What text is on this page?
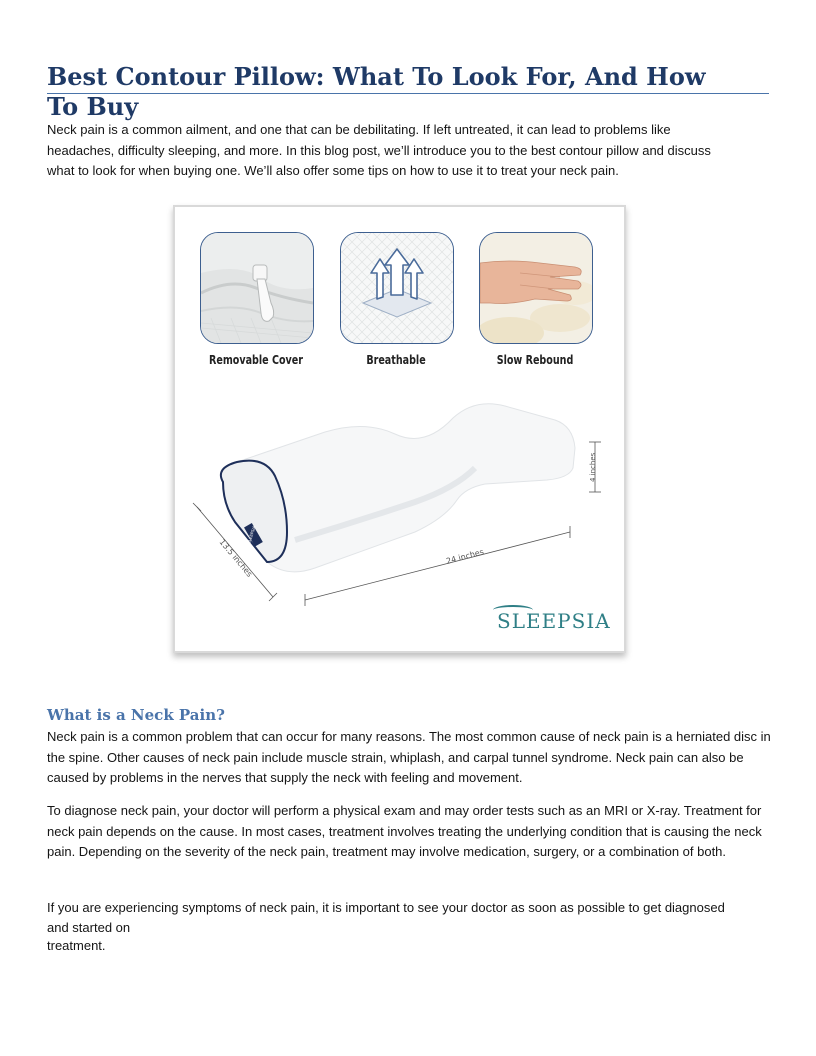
Best Contour Pillow: What To Look For, And How To Buy

Neck pain is a common ailment, and one that can be debilitating. If left untreated, it can lead to problems like headaches, difficulty sleeping, and more. In this blog post, we’ll introduce you to the best contour pillow and discuss what to look for when buying one. We’ll also offer some tips on how to use it to treat your neck pain.

Removable Cover	Breathable	Slow Rebound
13.5 inches	24 inches
4 inches
SLEEPSIA
SLEEPSIA
What is a Neck Pain?

Neck pain is a common problem that can occur for many reasons. The most common cause of neck pain is a herniated disc in the spine. Other causes of neck pain include muscle strain, whiplash, and carpal tunnel syndrome. Neck pain can also be caused by problems in the nerves that supply the neck with feeling and movement.

To diagnose neck pain, your doctor will perform a physical exam and may order tests such as an MRI or X-ray. Treatment for neck pain depends on the cause. In most cases, treatment involves treating the underlying condition that is causing the neck pain. Depending on the severity of the neck pain, treatment may involve medication, surgery, or a combination of both.

If you are experiencing symptoms of neck pain, it is important to see your doctor as soon as possible to get diagnosed

and started on

treatment.
